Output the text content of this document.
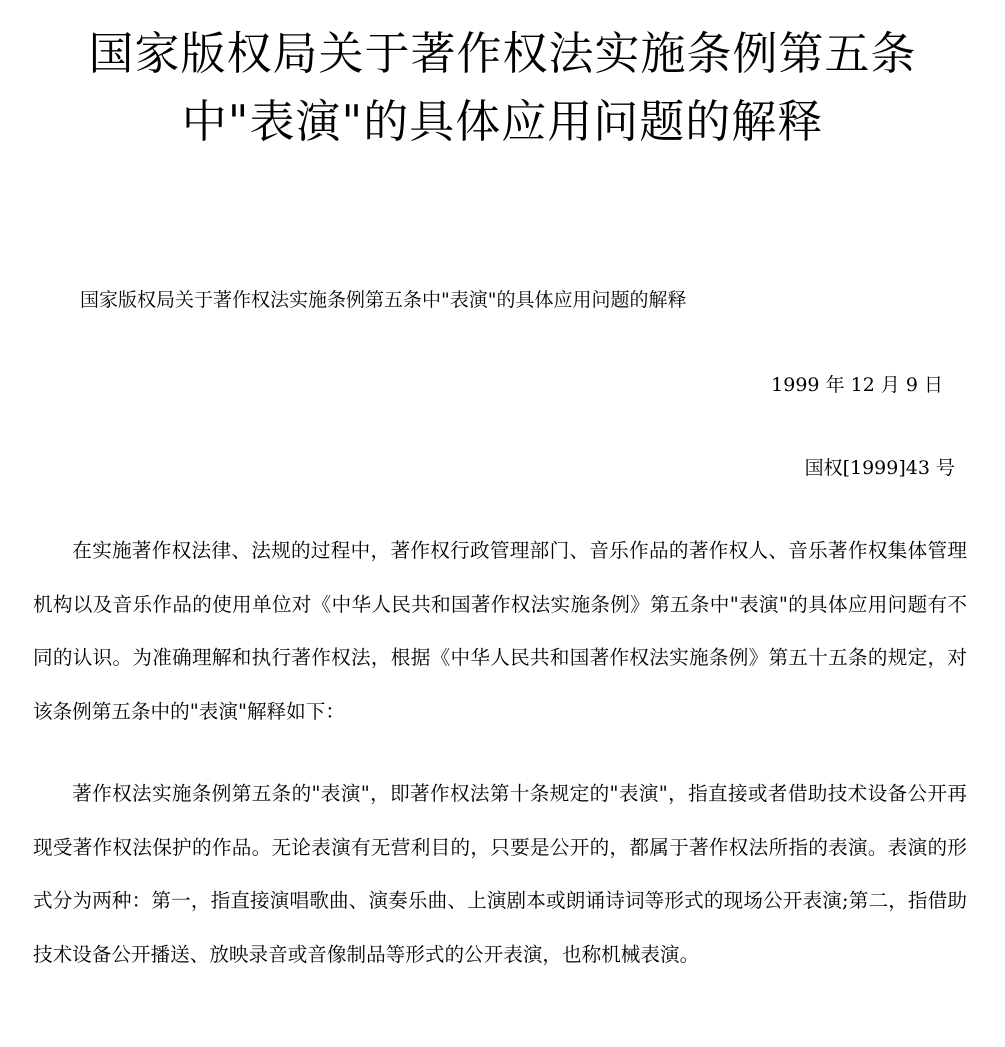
国家版权局关于著作权法实施条例第五条
中"表演"的具体应用问题的解释

国家版权局关于著作权法实施条例第五条中"表演"的具体应用问题的解释

1999 年 12 月 9 日

国权[1999]43 号

在实施著作权法律、法规的过程中，著作权行政管理部门、音乐作品的著作权人、音乐著作权集体管理机构以及音乐作品的使用单位对《中华人民共和国著作权法实施条例》第五条中"表演"的具体应用问题有不同的认识。为准确理解和执行著作权法，根据《中华人民共和国著作权法实施条例》第五十五条的规定，对该条例第五条中的"表演"解释如下：

著作权法实施条例第五条的"表演"，即著作权法第十条规定的"表演"，指直接或者借助技术设备公开再现受著作权法保护的作品。无论表演有无营利目的，只要是公开的，都属于著作权法所指的表演。表演的形式分为两种：第一，指直接演唱歌曲、演奏乐曲、上演剧本或朗诵诗词等形式的现场公开表演;第二，指借助技术设备公开播送、放映录音或音像制品等形式的公开表演，也称机械表演。
